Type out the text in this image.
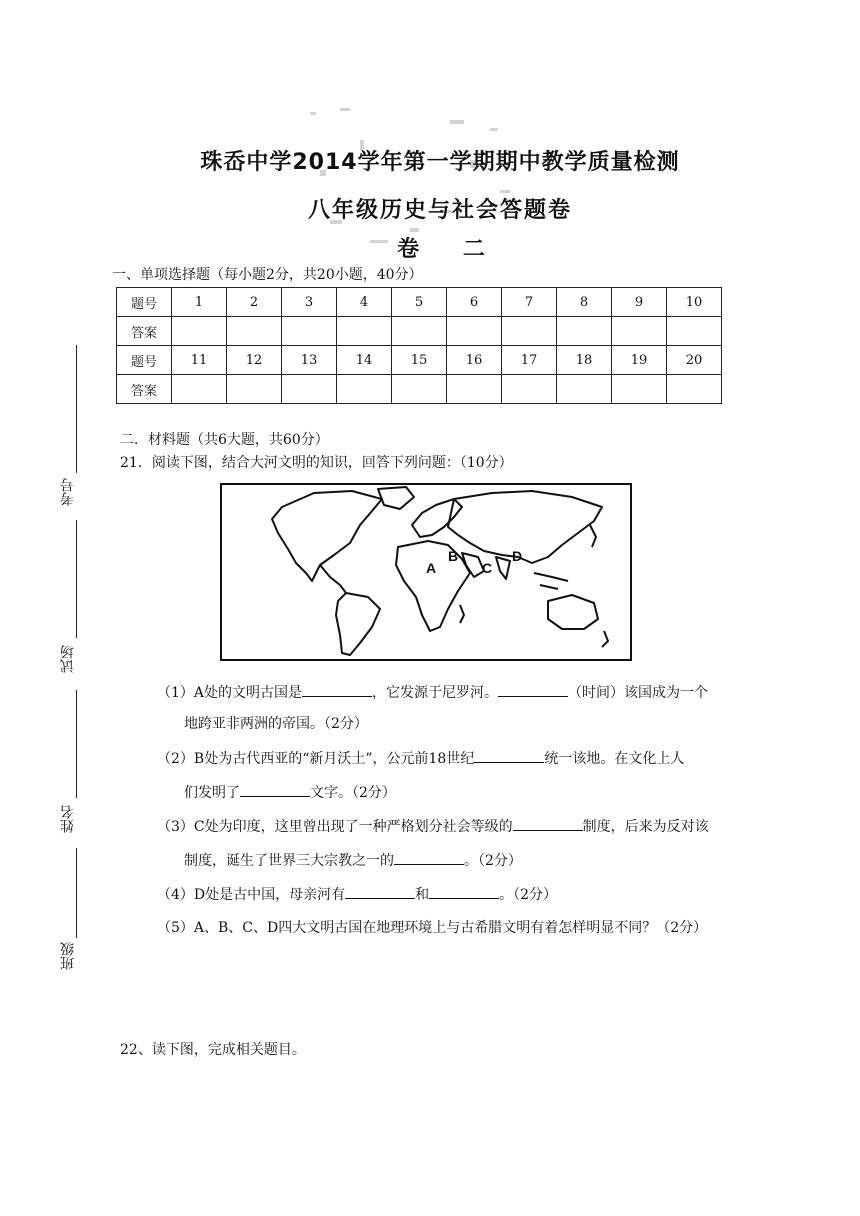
珠岙中学2014学年第一学期期中教学质量检测
八年级历史与社会答题卷
卷 二
一、单项选择题（每小题2分，共20小题，40分）
题号	1	2	3	4	5	6	7	8	9	10
答案										
题号	11	12	13	14	15	16	17	18	19	20
答案										
考号
试场
姓名
班级
二．材料题（共6大题，共60分）
21．阅读下图，结合大河文明的知识，回答下列问题：（10分）
A
B
C
D
（1）A处的文明古国是	，它发源于尼罗河。	（时间）该国成为一个
地跨亚非两洲的帝国。（2分）
（2）B处为古代西亚的“新月沃土”，公元前18世纪	统一该地。在文化上人
们发明了	文字。（2分）
（3）C处为印度，这里曾出现了一种严格划分社会等级的	制度，后来为反对该
制度，诞生了世界三大宗教之一的	。（2分）
（4）D处是古中国，母亲河有	和	。（2分）
（5）A、B、C、D四大文明古国在地理环境上与古希腊文明有着怎样明显不同？（2分）
22、读下图，完成相关题目。
